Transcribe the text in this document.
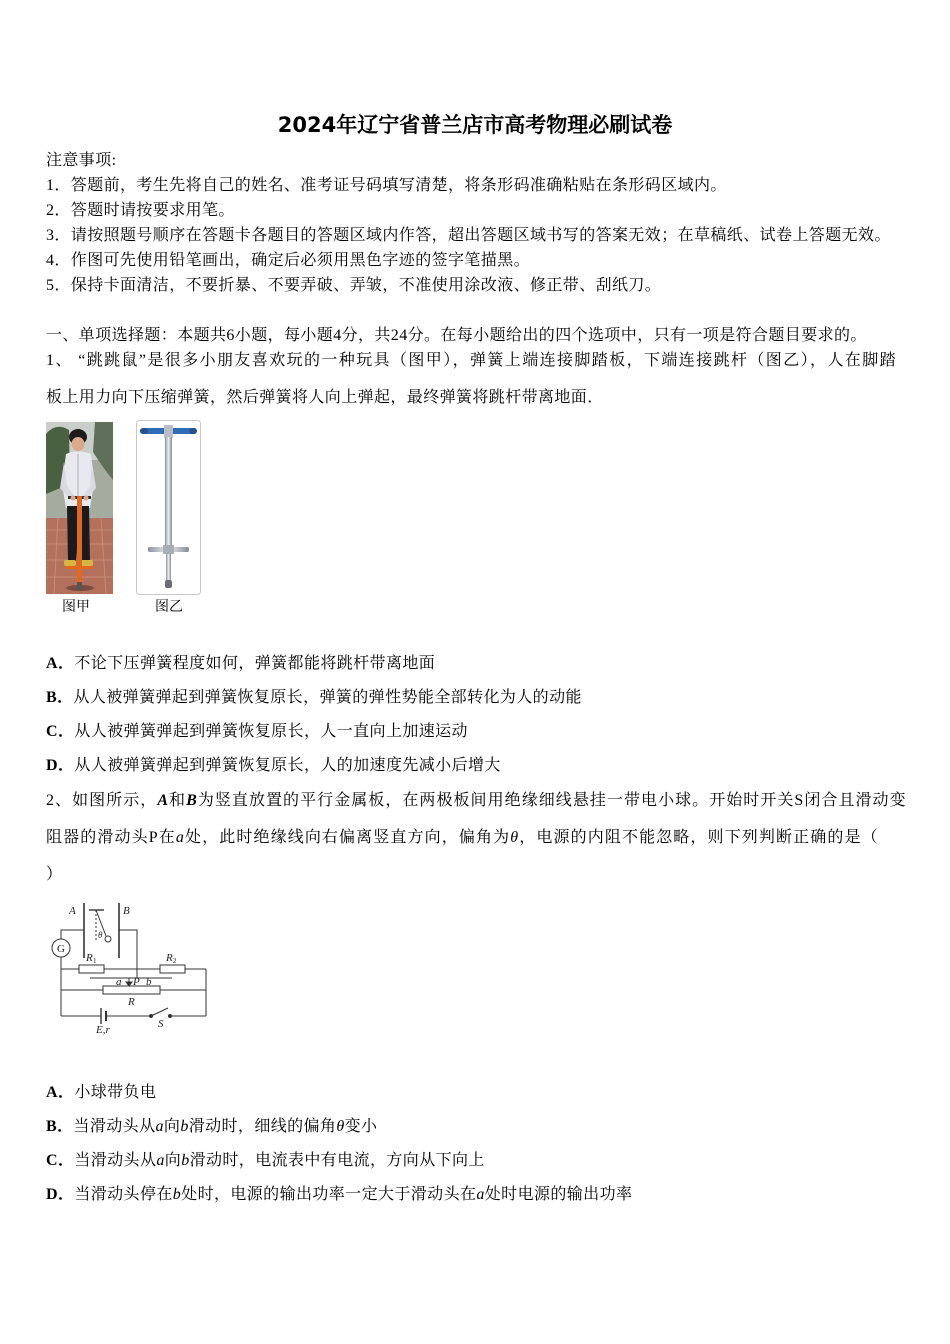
2024年辽宁省普兰店市高考物理必刷试卷
注意事项:
1．答题前，考生先将自己的姓名、准考证号码填写清楚，将条形码准确粘贴在条形码区域内。
2．答题时请按要求用笔。
3．请按照题号顺序在答题卡各题目的答题区域内作答，超出答题区域书写的答案无效；在草稿纸、试卷上答题无效。
4．作图可先使用铅笔画出，确定后必须用黑色字迹的签字笔描黑。
5．保持卡面清洁，不要折暴、不要弄破、弄皱，不准使用涂改液、修正带、刮纸刀。
一、单项选择题：本题共6小题，每小题4分，共24分。在每小题给出的四个选项中，只有一项是符合题目要求的。
1、 “跳跳鼠”是很多小朋友喜欢玩的一种玩具（图甲），弹簧上端连接脚踏板，下端连接跳杆（图乙），人在脚踏
板上用力向下压缩弹簧，然后弹簧将人向上弹起，最终弹簧将跳杆带离地面．
图甲	图乙
A．不论下压弹簧程度如何，弹簧都能将跳杆带离地面
B．从人被弹簧弹起到弹簧恢复原长，弹簧的弹性势能全部转化为人的动能
C．从人被弹簧弹起到弹簧恢复原长，人一直向上加速运动
D．从人被弹簧弹起到弹簧恢复原长，人的加速度先减小后增大
2、如图所示，A和B为竖直放置的平行金属板，在两极板间用绝缘细线悬挂一带电小球。开始时开关S闭合且滑动变
阻器的滑动头P在a处，此时绝缘线向右偏离竖直方向，偏角为θ，电源的内阻不能忽略，则下列判断正确的是（
）
A	B
θ
G
R 1	R 2
a P b
R
E,r	S
A．小球带负电
B．当滑动头从a向b滑动时，细线的偏角θ变小
C．当滑动头从a向b滑动时，电流表中有电流，方向从下向上
D．当滑动头停在b处时，电源的输出功率一定大于滑动头在a处时电源的输出功率
